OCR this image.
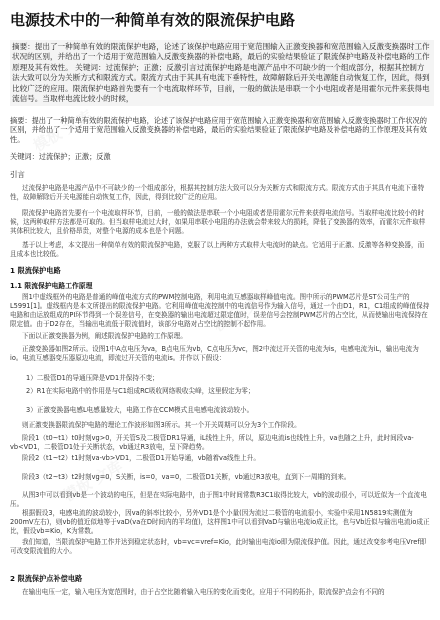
电源技术中的一种简单有效的限流保护电路

摘要：提出了一种简单有效的限流保护电路，论述了该保护电路应用于宽范围输入正激变换器和宽范围输入反激变换器时工作状况的区别，并给出了一个适用于宽范围输入反激变换器的补偿电路，最后的实验结果验证了限流保护电路及补偿电路的工作原理及其有效性。 关键词：过流保护；正激；反激引言过流保护电路是电源产品中不可缺少的一个组成部分，根据其控制方法大致可以分为关断方式和限流方式。限流方式由于其具有电流下垂特性，故障解除后开关电源能自动恢复工作，因此，得到比较广泛的应用。限流保护电路首先要有一个电流取样环节，目前，一般的做法是串联一个小电阻或者是用霍尔元件来获得电流信号。当取样电流比较小的时候，

摘要：提出了一种简单有效的限流保护电路，论述了该保护电路应用于宽范围输入正激变换器和宽范围输入反激变换器时工作状况的区别，并给出了一个适用于宽范围输入反激变换器的补偿电路，最后的实验结果验证了限流保护电路及补偿电路的工作原理及其有效性。

关键词：过流保护；正激；反激
引言
过流保护电路是电源产品中不可缺少的一个组成部分，根据其控制方法大致可以分为关断方式和限流方式。限流方式由于其具有电流下垂特性，故障解除后开关电源能自动恢复工作，因此，得到比较广泛的应用。
限流保护电路首先要有一个电流取样环节，目前，一般的做法是串联一个小电阻或者是用霍尔元件来获得电流信号。当取样电流比较小的时候，这两种取样方法都是可取的。但当取样电流过大时，如果用串联小电阻的办法就会带来较大的损耗，降低了变换器的效率，而霍尔元件取样其体积比较大，且价格昂贵，对整个电源的成本也是个问题。
基于以上考虑，本文提出一种简单有效的限流保护电路，克服了以上两种方式取样大电流时的缺点。它适用于正激、反激等各种变换器，而且成本也比较低。
1 限流保护电路
1.1 限流保护电路工作原理
图1中虚线框外的电路是普通的峰值电流方式的PWM控制电路，利用电流互感器取样峰值电流。图中所示的PWM芯片是ST公司生产的L5991[1]。虚线框内是本文所提出的限流保护电路。它利用峰值电流控制中的电流信号作为输入信号，通过一个由D1，R1，C1组成的峰值保持电路和由运放组成的PI环节得到一个误差信号，在变换器的输出电流超过限定值时，误差信号会控制PWM芯片的占空比，从而使输出电流保持在限定值。由于D2存在，当输出电流低于限流值时，该部分电路对占空比的控制不起作用。
下面以正激变换器为例，阐述限流保护电路的工作原理。
正激变换器如图2所示。设图1中A点电压为va，B点电压为vb，C点电压为vc，图2中流过开关管的电流为is，电感电流为iL，输出电流为io。电流互感器变压器原边电流，即流过开关管的电流is。并作以下假设：
1）二极管D1的导通压降是VD1并保持不变；
2）R1在实际电路中的作用是与C1组成RC吸收网络吸收尖峰，这里假定为零；
3）正激变换器电感L电感量较大，电路工作在CCM模式且电感电流波动较小。
则正激变换器限流保护电路的理论工作波形如图3所示。其一个开关周期可以分为3个工作阶段。
阶段1（t0~t1）t0时刻vg>0，开关管S及二极管DR1导通，iL线性上升，所以，原边电流is也线性上升，va也随之上升，此时间段va-vb<VD1，二极管D1处于关断状态，vb通过R3放电，呈下降趋势。
阶段2（t1~t2）t1时刻va-vb>VD1，二极管D1开始导通，vb随着va线性上升。
阶段3（t2~t3）t2时刻vg=0，S关断，is=0，va=0，二极管D1关断，vb通过R3放电，直到下一周期的到来。
从图3中可以看到vb是一个波动的电压，但是在实际电路中，由于图1中时间常数R3C1取得比较大，vb的波动很小，可以近似为一个直流电压。
根据假设3，电感电流的波动较小，因va的斜率比较小，另外VD1是个小量(因为流过二极管的电流很小，实验中采用1N5819实测值为200mV左右)，则vb的值近似地等于vaD(va在D时间内的平均值)，这样图1中可以看到VaD与输出电流io成正比，也与Vb近似与输出电流io成正比，假设vb=Kio，K为常数。
我们知道，当限流保护电路工作并达到稳定状态时，vb=vc=vref=Kio，此时输出电流io即为限流保护值。因此，通过改变参考电压Vref即可改变限流值的大小。
2 限流保护点补偿电路
在输出电压一定，输入电压为宽范围时，由于占空比随着输入电压的变化而变化，应用于不同的拓扑，限流保护点会有不同的
模板 文库
模板 文库
模板 文库
